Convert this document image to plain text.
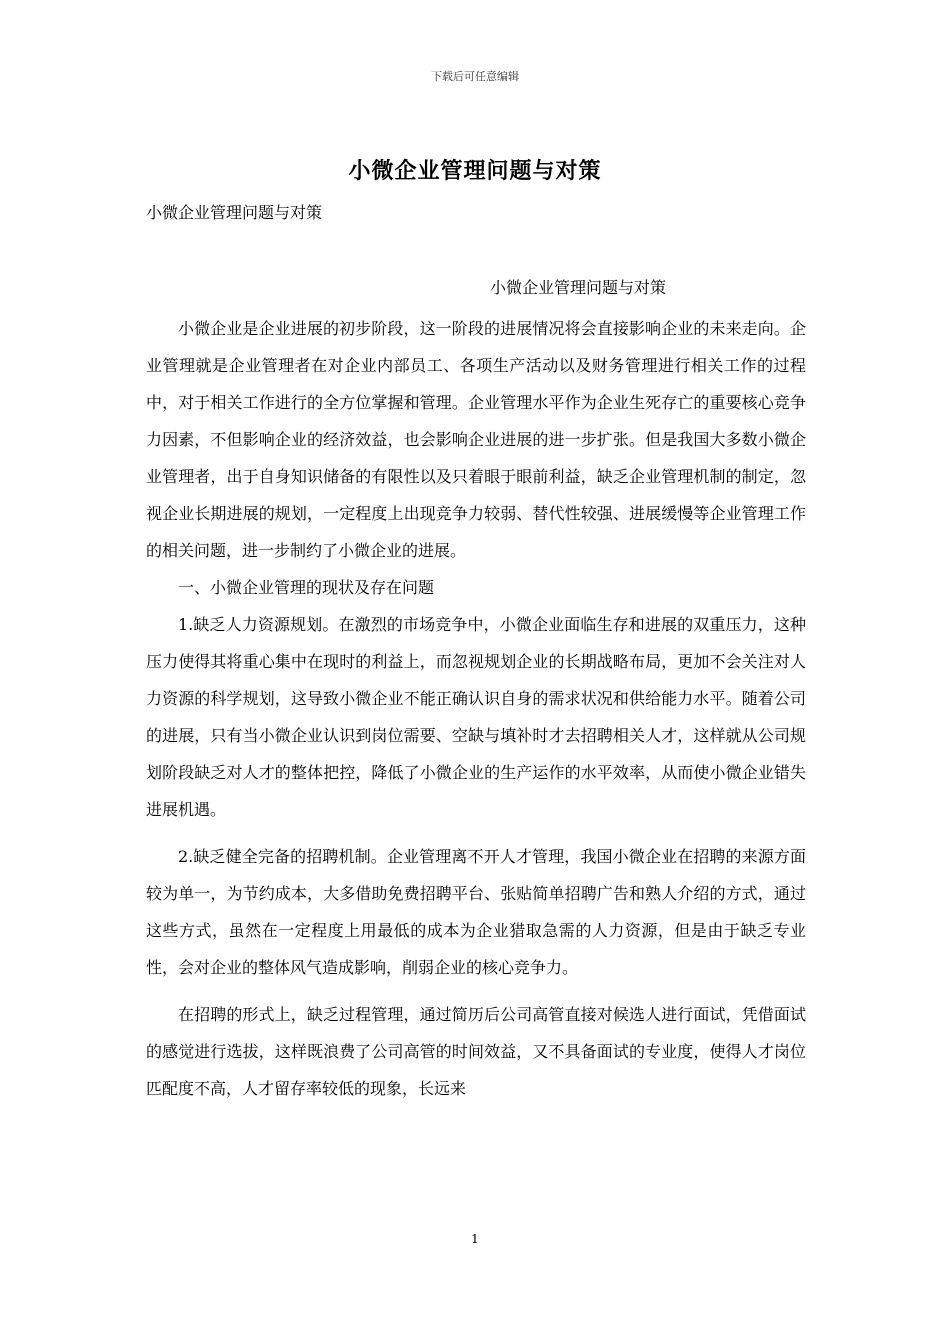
下载后可任意编辑
小微企业管理问题与对策
小微企业管理问题与对策
小微企业管理问题与对策

小微企业是企业进展的初步阶段，这一阶段的进展情况将会直接影响企业的未来走向。企业管理就是企业管理者在对企业内部员工、各项生产活动以及财务管理进行相关工作的过程中，对于相关工作进行的全方位掌握和管理。企业管理水平作为企业生死存亡的重要核心竞争力因素，不但影响企业的经济效益，也会影响企业进展的进一步扩张。但是我国大多数小微企业管理者，出于自身知识储备的有限性以及只着眼于眼前利益，缺乏企业管理机制的制定，忽视企业长期进展的规划，一定程度上出现竞争力较弱、替代性较强、进展缓慢等企业管理工作的相关问题，进一步制约了小微企业的进展。

一、小微企业管理的现状及存在问题

1.缺乏人力资源规划。在激烈的市场竞争中，小微企业面临生存和进展的双重压力，这种压力使得其将重心集中在现时的利益上，而忽视规划企业的长期战略布局，更加不会关注对人力资源的科学规划，这导致小微企业不能正确认识自身的需求状况和供给能力水平。随着公司的进展，只有当小微企业认识到岗位需要、空缺与填补时才去招聘相关人才，这样就从公司规划阶段缺乏对人才的整体把控，降低了小微企业的生产运作的水平效率，从而使小微企业错失进展机遇。

2.缺乏健全完备的招聘机制。企业管理离不开人才管理，我国小微企业在招聘的来源方面较为单一，为节约成本，大多借助免费招聘平台、张贴简单招聘广告和熟人介绍的方式，通过这些方式，虽然在一定程度上用最低的成本为企业猎取急需的人力资源，但是由于缺乏专业性，会对企业的整体风气造成影响，削弱企业的核心竞争力。

在招聘的形式上，缺乏过程管理，通过简历后公司高管直接对候选人进行面试，凭借面试的感觉进行选拔，这样既浪费了公司高管的时间效益，又不具备面试的专业度，使得人才岗位匹配度不高，人才留存率较低的现象，长远来

1
